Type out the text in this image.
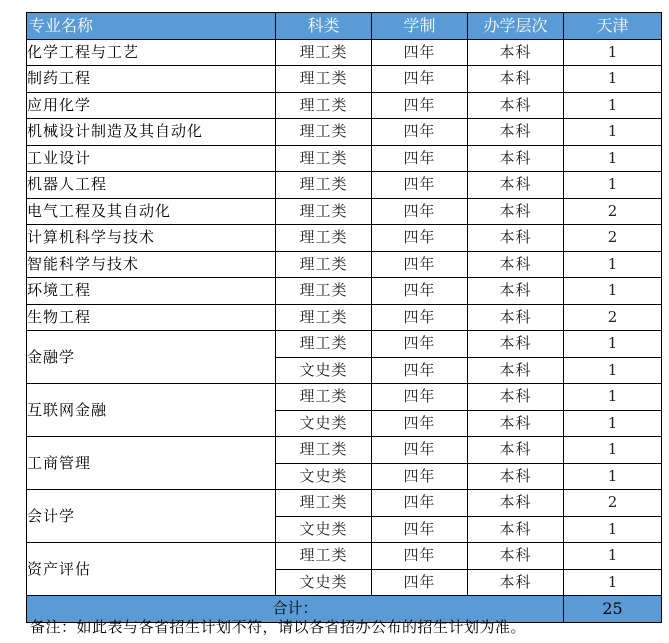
专业名称	科类	学制	办学层次	天津
化学工程与工艺	理工类	四年	本科	1
制药工程	理工类	四年	本科	1
应用化学	理工类	四年	本科	1
机械设计制造及其自动化	理工类	四年	本科	1
工业设计	理工类	四年	本科	1
机器人工程	理工类	四年	本科	1
电气工程及其自动化	理工类	四年	本科	2
计算机科学与技术	理工类	四年	本科	2
智能科学与技术	理工类	四年	本科	1
环境工程	理工类	四年	本科	1
生物工程	理工类	四年	本科	2
金融学	理工类	四年	本科	1
	文史类	四年	本科	1
互联网金融	理工类	四年	本科	1
	文史类	四年	本科	1
工商管理	理工类	四年	本科	1
	文史类	四年	本科	1
会计学	理工类	四年	本科	2
	文史类	四年	本科	1
资产评估	理工类	四年	本科	1
	文史类	四年	本科	1
合计：				25
备注：如此表与各省招生计划不符，请以各省招办公布的招生计划为准。
